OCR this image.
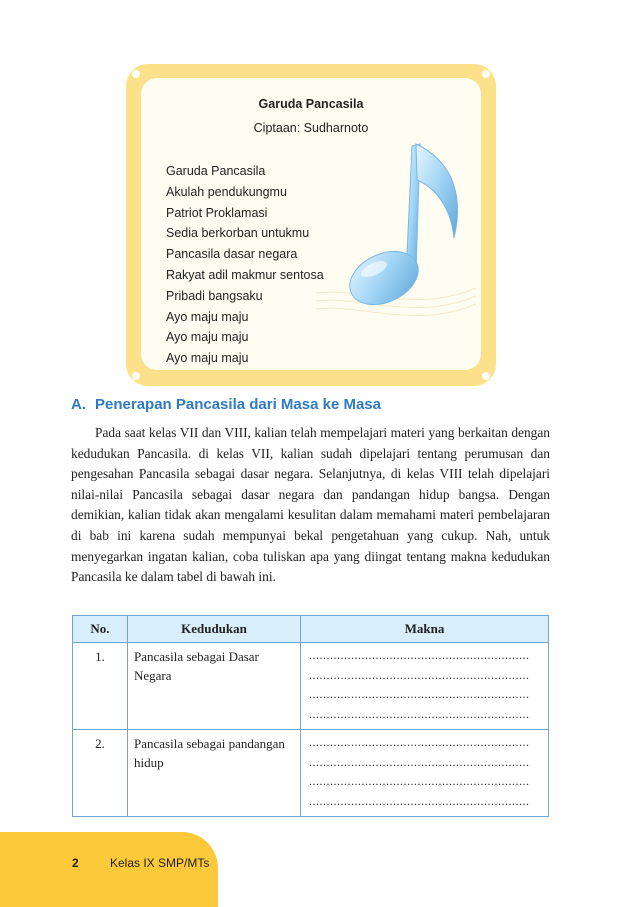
Garuda Pancasila
Ciptaan: Sudharnoto
Garuda Pancasila
Akulah pendukungmu
Patriot Proklamasi
Sedia berkorban untukmu
Pancasila dasar negara
Rakyat adil makmur sentosa
Pribadi bangsaku
Ayo maju maju
Ayo maju maju
Ayo maju maju
A. Penerapan Pancasila dari Masa ke Masa

Pada saat kelas VII dan VIII, kalian telah mempelajari materi yang berkaitan dengan kedudukan Pancasila. di kelas VII, kalian sudah dipelajari tentang perumusan dan pengesahan Pancasila sebagai dasar negara. Selanjutnya, di kelas VIII telah dipelajari nilai-nilai Pancasila sebagai dasar negara dan pandangan hidup bangsa. Dengan demikian, kalian tidak akan mengalami kesulitan dalam memahami materi pembelajaran di bab ini karena sudah mempunyai bekal pengetahuan yang cukup. Nah, untuk menyegarkan ingatan kalian, coba tuliskan apa yang diingat tentang makna kedudukan Pancasila ke dalam tabel di bawah ini.

No.	Kedudukan	Makna
1.	Pancasila sebagai Dasar Negara	...............................................................
...............................................................
...............................................................
...............................................................

2.	Pancasila sebagai pandangan hidup	...............................................................
...............................................................
...............................................................
...............................................................
2	Kelas IX SMP/MTs
